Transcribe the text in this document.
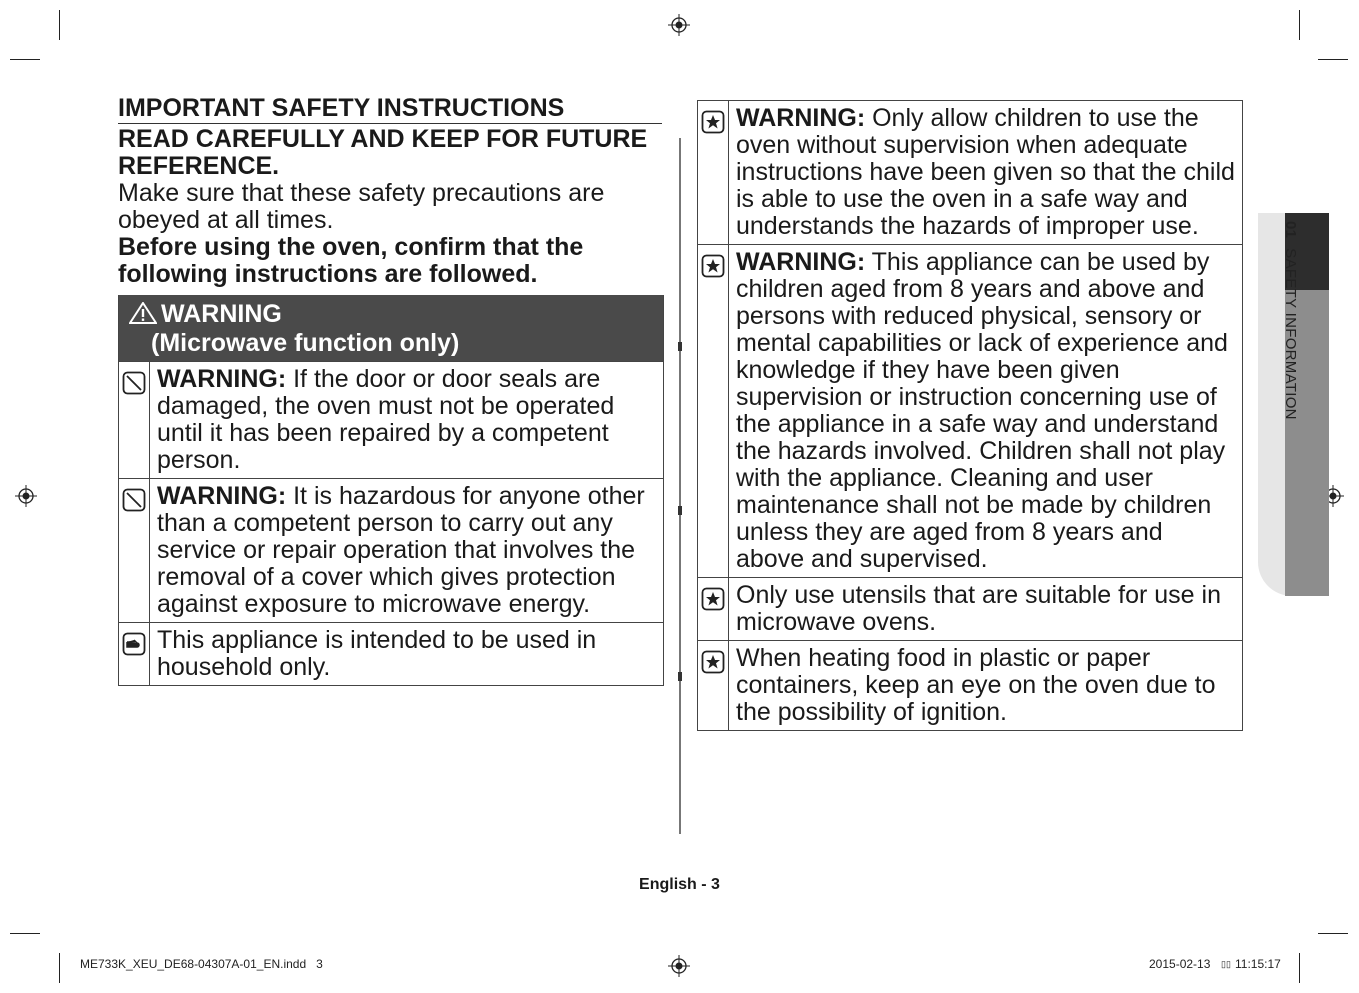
IMPORTANT SAFETY INSTRUCTIONS
READ CAREFULLY AND KEEP FOR FUTURE REFERENCE.
Make sure that these safety precautions are obeyed at all times.
Before using the oven, confirm that the following instructions are followed.
WARNING
(Microwave function only)
WARNING: If the door or door seals are damaged, the oven must not be operated until it has been repaired by a competent person.
WARNING: It is hazardous for anyone other than a competent person to carry out any service or repair operation that involves the removal of a cover which gives protection against exposure to microwave energy.
This appliance is intended to be used in household only.
WARNING: Only allow children to use the oven without supervision when adequate instructions have been given so that the child is able to use the oven in a safe way and understands the hazards of improper use.
WARNING: This appliance can be used by children aged from 8 years and above and persons with reduced physical, sensory or mental capabilities or lack of experience and knowledge if they have been given supervision or instruction concerning use of the appliance in a safe way and understand the hazards involved. Children shall not play with the appliance. Cleaning and user maintenance shall not be made by children unless they are aged from 8 years and above and supervised.
Only use utensils that are suitable for use in microwave ovens.
When heating food in plastic or paper containers, keep an eye on the oven due to the possibility of ignition.
01SAFETY INFORMATION
English - 3
ME733K_XEU_DE68-04307A-01_EN.indd   3	2015-02-13 ▯▯ 11:15:17
